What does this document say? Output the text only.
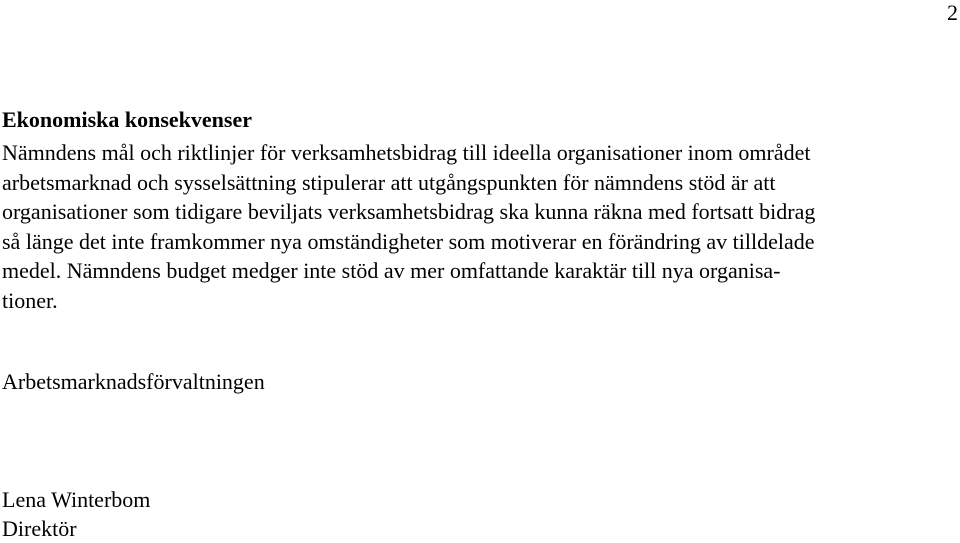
2
Ekonomiska konsekvenser

Nämndens mål och riktlinjer för verksamhetsbidrag till ideella organisationer inom området
arbetsmarknad och sysselsättning stipulerar att utgångspunkten för nämndens stöd är att
organisationer som tidigare beviljats verksamhetsbidrag ska kunna räkna med fortsatt bidrag
så länge det inte framkommer nya omständigheter som motiverar en förändring av tilldelade
medel. Nämndens budget medger inte stöd av mer omfattande karaktär till nya organisa-
tioner.

Arbetsmarknadsförvaltningen

Lena Winterbom
Direktör
